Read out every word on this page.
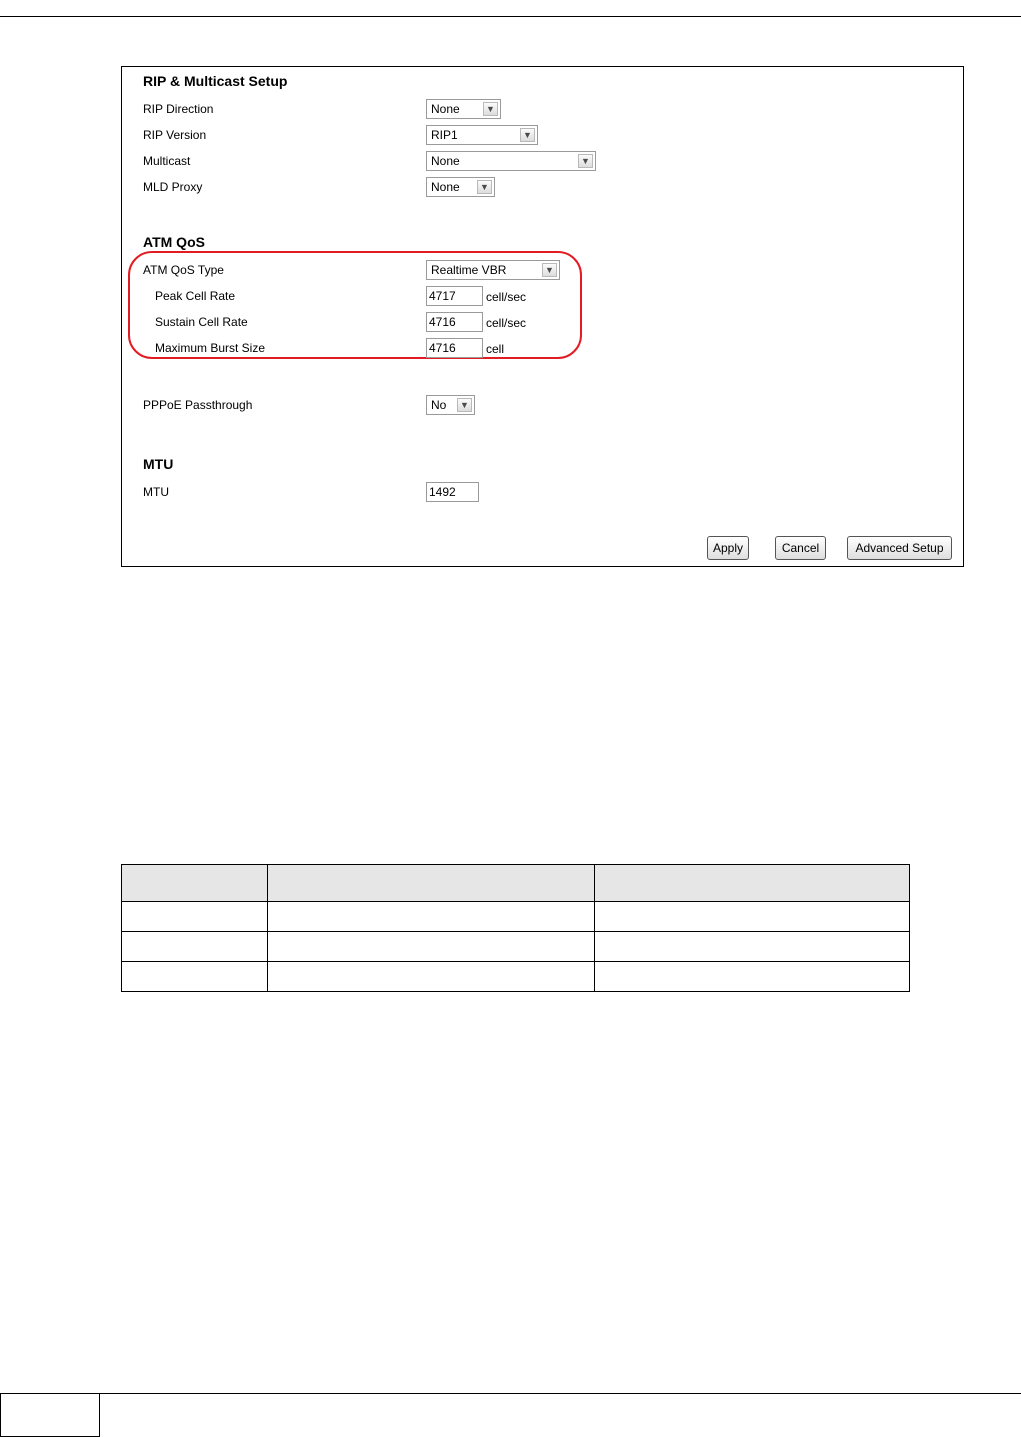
RIP & Multicast Setup
RIP Direction	None	▼
RIP Version	RIP1	▼
Multicast	None	▼
MLD Proxy	None	▼
ATM QoS
ATM QoS Type	Realtime VBR	▼
Peak Cell Rate	4717	cell/sec
Sustain Cell Rate	4716	cell/sec
Maximum Burst Size	4716	cell
PPPoE Passthrough	No	▼
MTU
MTU	1492
Apply	Cancel	Advanced Setup
